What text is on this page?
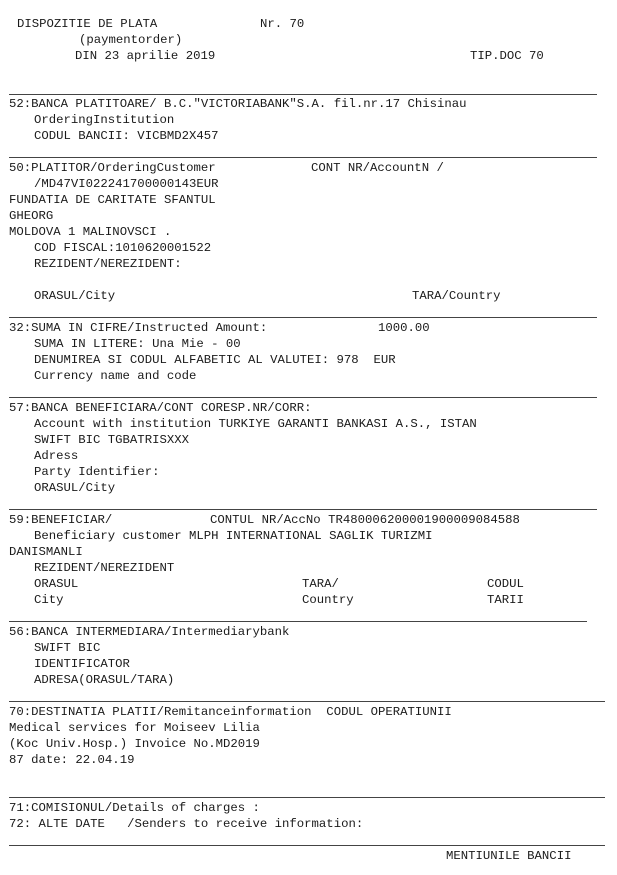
DISPOZITIE DE PLATA	Nr. 70
(paymentorder)
DIN 23 aprilie 2019	TIP.DOC 70
52:BANCA PLATITOARE/ B.C."VICTORIABANK"S.A. fil.nr.17 Chisinau
OrderingInstitution
CODUL BANCII: VICBMD2X457
50:PLATITOR/OrderingCustomer	CONT NR/AccountN /
/MD47VI022241700000143EUR
FUNDATIA DE CARITATE SFANTUL
GHEORG
MOLDOVA 1 MALINOVSCI .
COD FISCAL:1010620001522
REZIDENT/NEREZIDENT:
ORASUL/City	TARA/Country
32:SUMA IN CIFRE/Instructed Amount:	1000.00
SUMA IN LITERE: Una Mie - 00
DENUMIREA SI CODUL ALFABETIC AL VALUTEI: 978  EUR
Currency name and code
57:BANCA BENEFICIARA/CONT CORESP.NR/CORR:
Account with institution TURKIYE GARANTI BANKASI A.S., ISTAN
SWIFT BIC TGBATRISXXX
Adress
Party Identifier:
ORASUL/City
59:BENEFICIAR/	CONTUL NR/AccNo TR480006200001900009084588
Beneficiary customer MLPH INTERNATIONAL SAGLIK TURIZMI
DANISMANLI
REZIDENT/NEREZIDENT
ORASUL	TARA/	CODUL
City	Country	TARII
56:BANCA INTERMEDIARA/Intermediarybank
SWIFT BIC
IDENTIFICATOR
ADRESA(ORASUL/TARA)
70:DESTINATIA PLATII/Remitanceinformation  CODUL OPERATIUNII
Medical services for Moiseev Lilia
(Koc Univ.Hosp.) Invoice No.MD2019
87 date: 22.04.19
71:COMISIONUL/Details of charges :
72: ALTE DATE   /Senders to receive information:
MENTIUNILE BANCII
